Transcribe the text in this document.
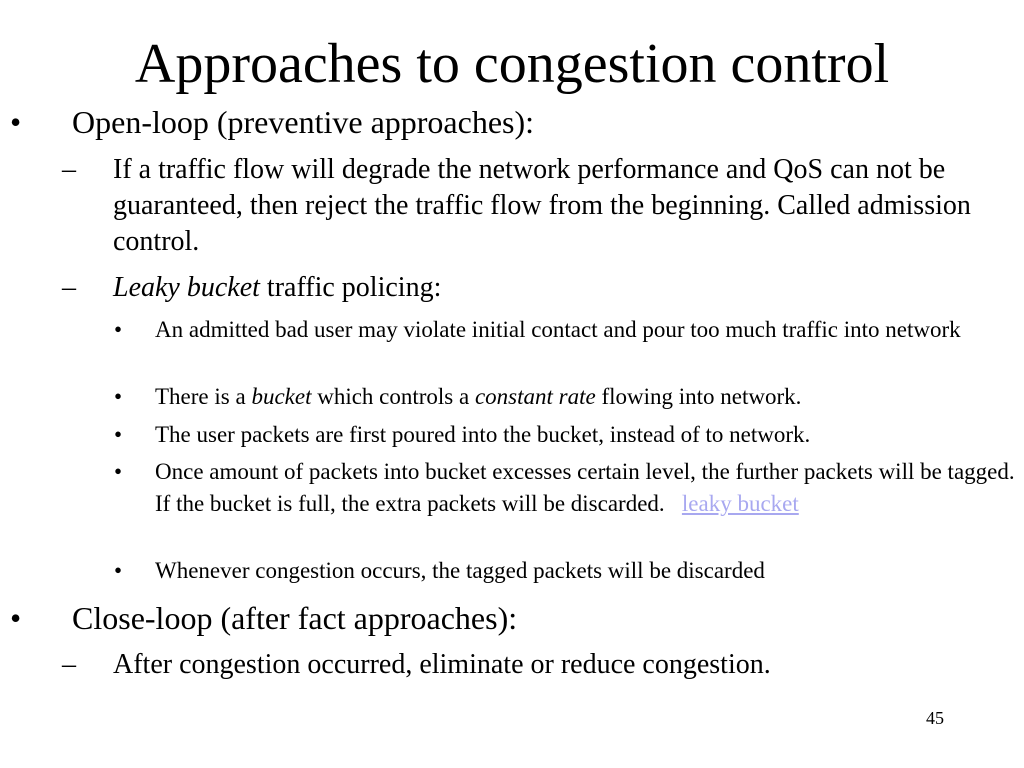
Approaches to congestion control
• Open-loop (preventive approaches):
– If a traffic flow will degrade the network performance and QoS can not be guaranteed, then reject the traffic flow from the beginning. Called admission control.
– Leaky bucket traffic policing:
• An admitted bad user may violate initial contact and pour too much traffic into network
• There is a bucket which controls a constant rate flowing into network.
• The user packets are first poured into the bucket, instead of to network.
• Once amount of packets into bucket excesses certain level, the further packets will be tagged. If the bucket is full, the extra packets will be discarded. leaky bucket
• Whenever congestion occurs, the tagged packets will be discarded
• Close-loop (after fact approaches):
– After congestion occurred, eliminate or reduce congestion.
45
